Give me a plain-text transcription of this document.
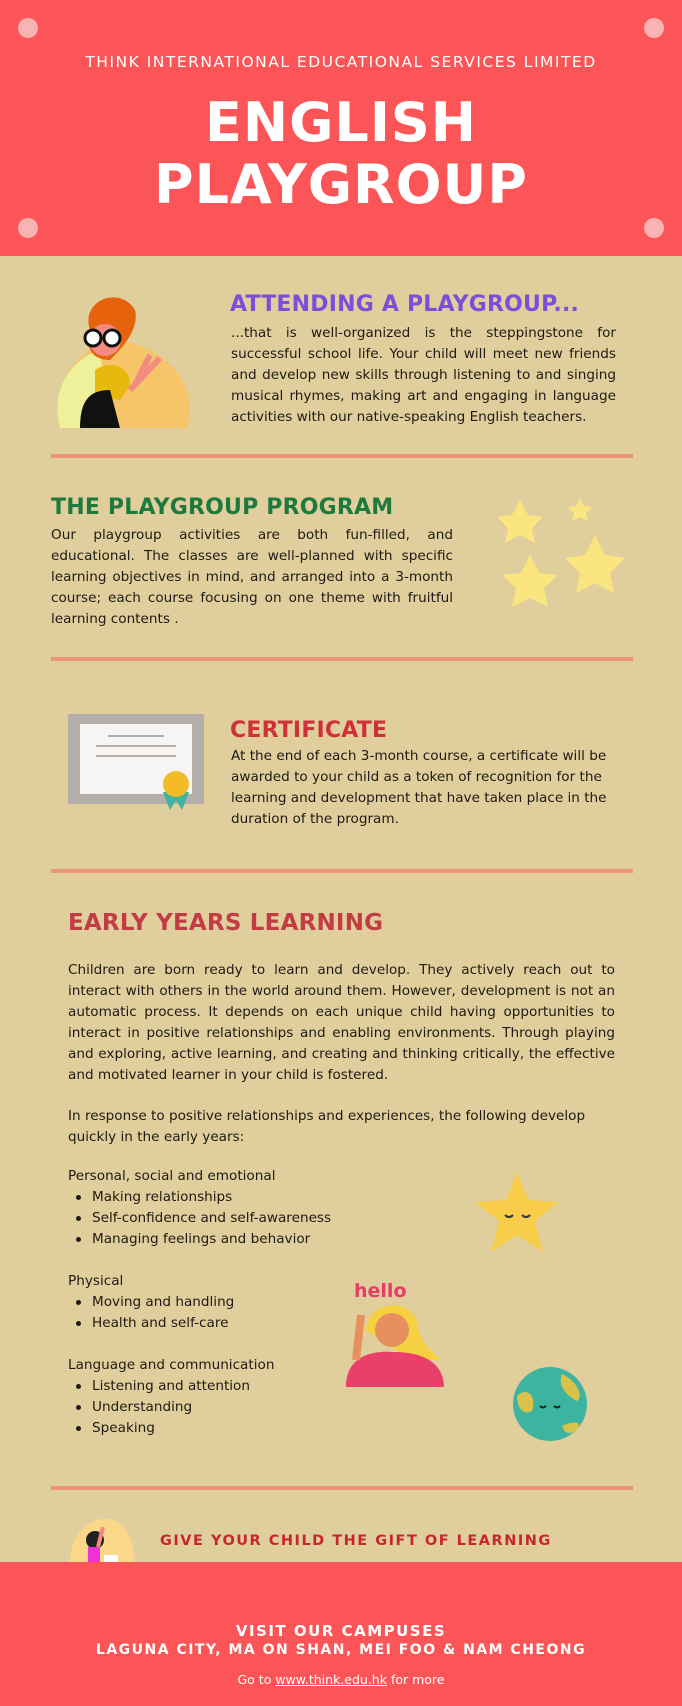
THINK INTERNATIONAL EDUCATIONAL SERVICES LIMITED
ENGLISH
PLAYGROUP
ATTENDING A PLAYGROUP...
...that is well-organized is the steppingstone for successful school life. Your child will meet new friends and develop new skills through listening to and singing musical rhymes, making art and engaging in language activities with our native-speaking English teachers.
THE PLAYGROUP PROGRAM
Our playgroup activities are both fun-filled, and educational. The classes are well-planned with specific learning objectives in mind, and arranged into a 3-month course; each course focusing on one theme with fruitful learning contents .
CERTIFICATE
At the end of each 3-month course, a certificate will be awarded to your child as a token of recognition for the learning and development that have taken place in the duration of the program.
EARLY YEARS LEARNING
Children are born ready to learn and develop. They actively reach out to interact with others in the world around them. However, development is not an automatic process. It depends on each unique child having opportunities to interact in positive relationships and enabling environments. Through playing and exploring, active learning, and creating and thinking critically, the effective and motivated learner in your child is fostered.
In response to positive relationships and experiences, the following develop quickly in the early years:
Personal, social and emotional
Making relationships
Self-confidence and self-awareness
Managing feelings and behavior
Physical
Moving and handling
Health and self-care
Language and communication
Listening and attention
Understanding
Speaking
hello
GIVE YOUR CHILD THE GIFT OF LEARNING
VISIT OUR CAMPUSES
LAGUNA CITY, MA ON SHAN, MEI FOO & NAM CHEONG
Go to www.think.edu.hk for more
